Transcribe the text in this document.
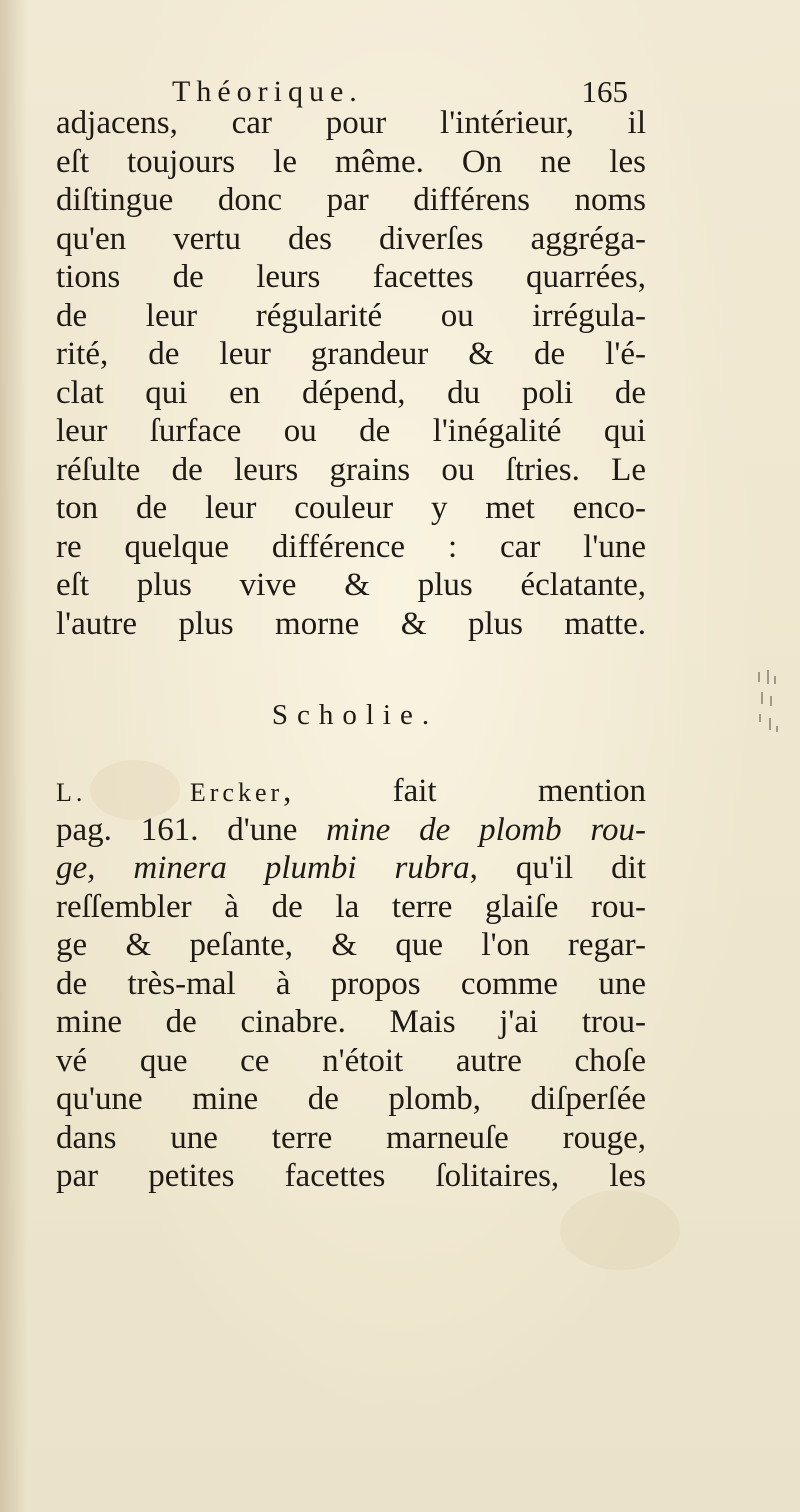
Théorique.	165
adjacens, car pour l'intérieur, il
eſt toujours le même. On ne les
diſtingue donc par différens noms
qu'en vertu des diverſes aggréga-
tions de leurs facettes quarrées,
de leur régularité ou irrégula-
rité, de leur grandeur & de l'é-
clat qui en dépend, du poli de
leur ſurface ou de l'inégalité qui
réſulte de leurs grains ou ſtries. Le
ton de leur couleur y met enco-
re quelque différence : car l'une
eſt plus vive & plus éclatante,
l'autre plus morne & plus matte.
Scholie.
L. Ercker, fait mention
pag. 161. d'une mine de plomb rou-
ge, minera plumbi rubra, qu'il dit
reſſembler à de la terre glaiſe rou-
ge & peſante, & que l'on regar-
de très-mal à propos comme une
mine de cinabre. Mais j'ai trou-
vé que ce n'étoit autre choſe
qu'une mine de plomb, diſperſée
dans une terre marneuſe rouge,
par petites facettes ſolitaires, les
